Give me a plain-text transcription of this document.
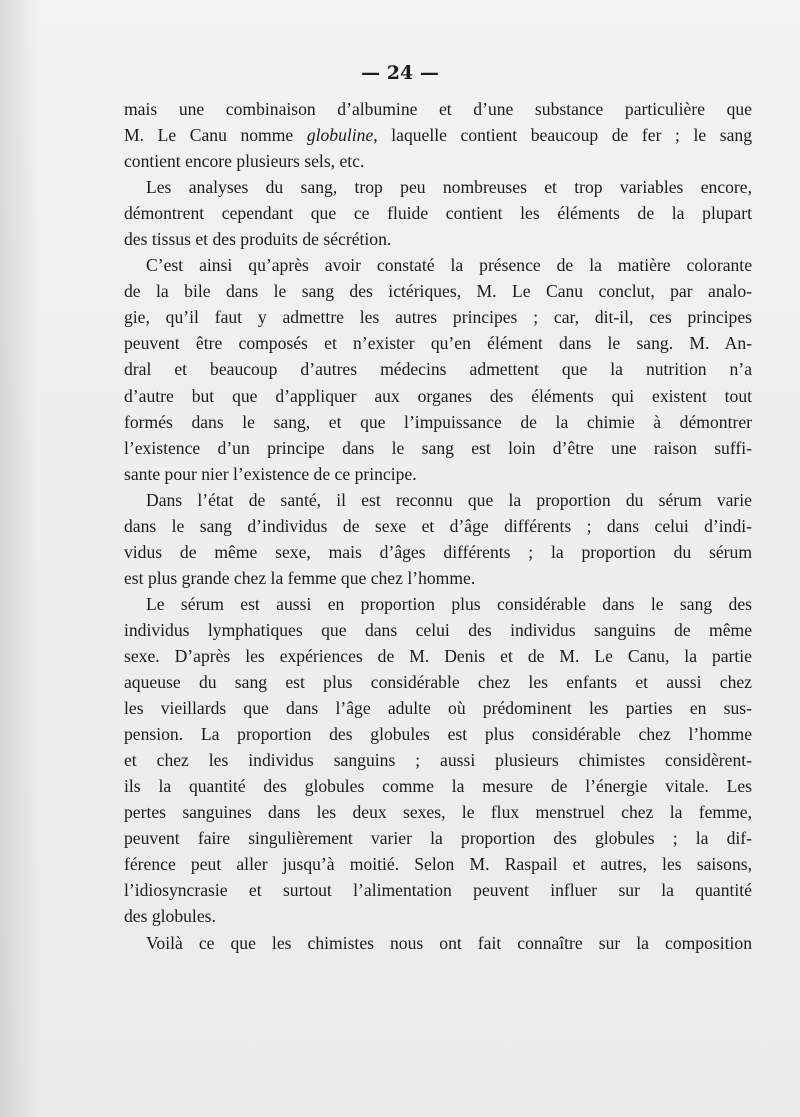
— 24 —

mais une combinaison d’albumine et d’une substance particulière que
M. Le Canu nomme globuline, laquelle contient beaucoup de fer ; le sang
contient encore plusieurs sels, etc.
Les analyses du sang, trop peu nombreuses et trop variables encore,
démontrent cependant que ce fluide contient les éléments de la plupart
des tissus et des produits de sécrétion.
C’est ainsi qu’après avoir constaté la présence de la matière colorante
de la bile dans le sang des ictériques, M. Le Canu conclut, par analo-
gie, qu’il faut y admettre les autres principes ; car, dit-il, ces principes
peuvent être composés et n’exister qu’en élément dans le sang. M. An-
dral et beaucoup d’autres médecins admettent que la nutrition n’a
d’autre but que d’appliquer aux organes des éléments qui existent tout
formés dans le sang, et que l’impuissance de la chimie à démontrer
l’existence d’un principe dans le sang est loin d’être une raison suffi-
sante pour nier l’existence de ce principe.
Dans l’état de santé, il est reconnu que la proportion du sérum varie
dans le sang d’individus de sexe et d’âge différents ; dans celui d’indi-
vidus de même sexe, mais d’âges différents ; la proportion du sérum
est plus grande chez la femme que chez l’homme.
Le sérum est aussi en proportion plus considérable dans le sang des
individus lymphatiques que dans celui des individus sanguins de même
sexe. D’après les expériences de M. Denis et de M. Le Canu, la partie
aqueuse du sang est plus considérable chez les enfants et aussi chez
les vieillards que dans l’âge adulte où prédominent les parties en sus-
pension. La proportion des globules est plus considérable chez l’homme
et chez les individus sanguins ; aussi plusieurs chimistes considèrent-
ils la quantité des globules comme la mesure de l’énergie vitale. Les
pertes sanguines dans les deux sexes, le flux menstruel chez la femme,
peuvent faire singulièrement varier la proportion des globules ; la dif-
férence peut aller jusqu’à moitié. Selon M. Raspail et autres, les saisons,
l’idiosyncrasie et surtout l’alimentation peuvent influer sur la quantité
des globules.
Voilà ce que les chimistes nous ont fait connaître sur la composition
